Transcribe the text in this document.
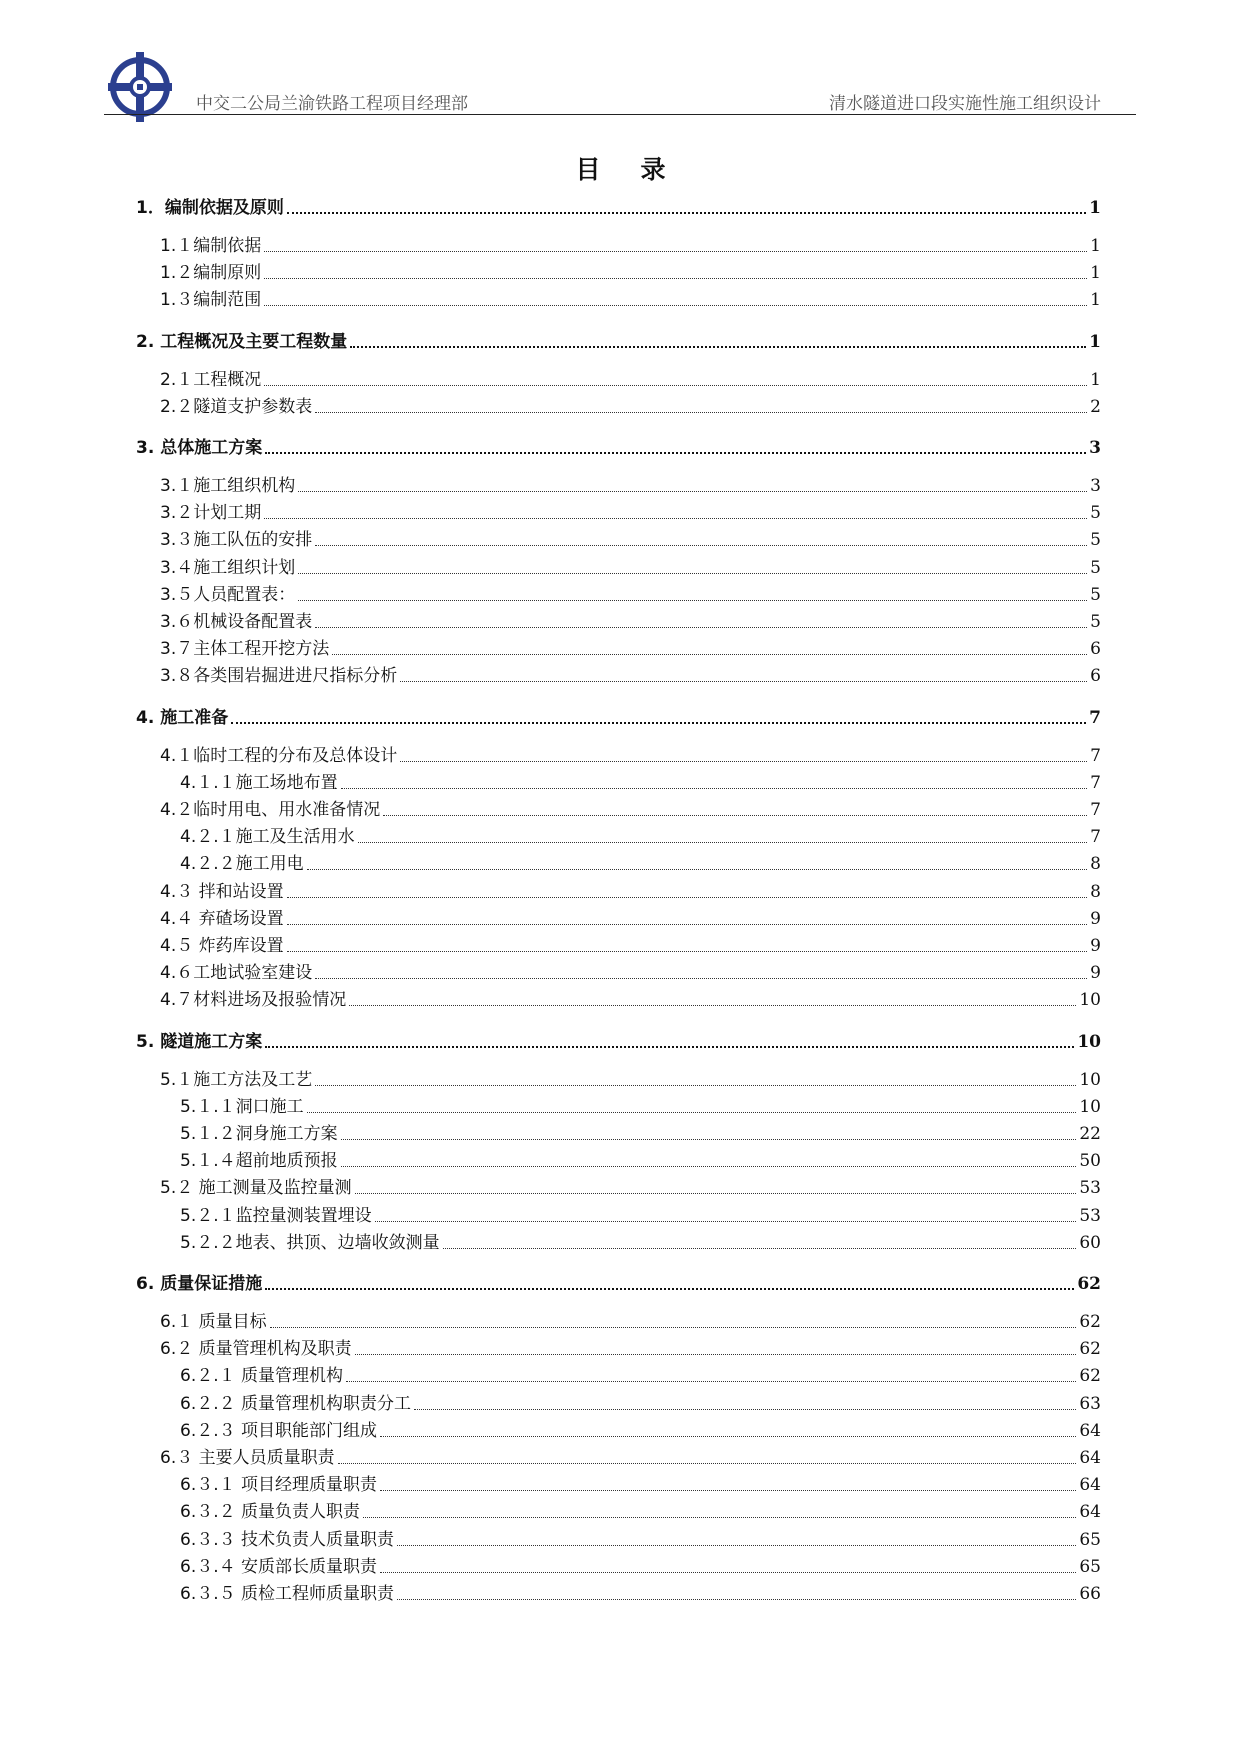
中交二公局兰渝铁路工程项目经理部	清水隧道进口段实施性施工组织设计
目录
1．编制依据及原则	1
1.１编制依据	1
1.２编制原则	1
1.３编制范围	1
2. 工程概况及主要工程数量	1
2.１工程概况	1
2.２隧道支护参数表	2
3. 总体施工方案	3
3.１施工组织机构	3
3.２计划工期	5
3.３施工队伍的安排	5
3.４施工组织计划	5
3.５人员配置表：	5
3.６机械设备配置表	5
3.７主体工程开挖方法	6
3.８各类围岩掘进进尺指标分析	6
4. 施工准备	7
4.１临时工程的分布及总体设计	7
4.１.１施工场地布置	7
4.２临时用电、用水准备情况	7
4.２.１施工及生活用水	7
4.２.２施工用电	8
4.３ 拌和站设置	8
4.４ 弃碴场设置	9
4.５ 炸药库设置	9
4.６工地试验室建设	9
4.７材料进场及报验情况	10
5. 隧道施工方案	10
5.１施工方法及工艺	10
5.１.１洞口施工	10
5.１.２洞身施工方案	22
5.１.４超前地质预报	50
5.２ 施工测量及监控量测	53
5.２.１监控量测装置埋设	53
5.２.２地表、拱顶、边墙收敛测量	60
6. 质量保证措施	62
6.１ 质量目标	62
6.２ 质量管理机构及职责	62
6.２.１ 质量管理机构	62
6.２.２ 质量管理机构职责分工	63
6.２.３ 项目职能部门组成	64
6.３ 主要人员质量职责	64
6.３.１ 项目经理质量职责	64
6.３.２ 质量负责人职责	64
6.３.３ 技术负责人质量职责	65
6.３.４ 安质部长质量职责	65
6.３.５ 质检工程师质量职责	66
